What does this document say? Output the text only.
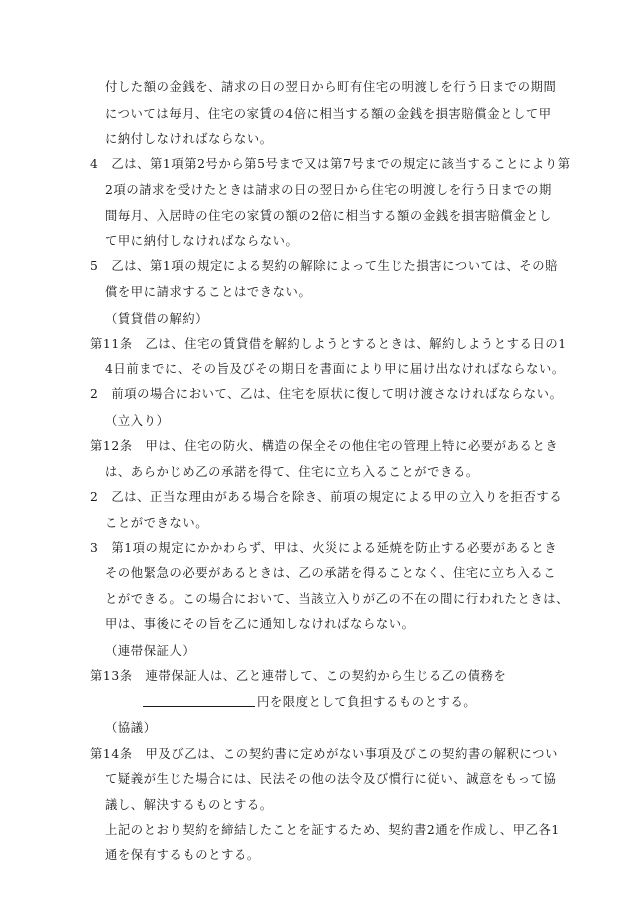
付した額の金銭を、請求の日の翌日から町有住宅の明渡しを行う日までの期間
については毎月、住宅の家賃の4倍に相当する額の金銭を損害賠償金として甲
に納付しなければならない。
4　乙は、第1項第2号から第5号まで又は第7号までの規定に該当することにより第
2項の請求を受けたときは請求の日の翌日から住宅の明渡しを行う日までの期
間毎月、入居時の住宅の家賃の額の2倍に相当する額の金銭を損害賠償金とし
て甲に納付しなければならない。
5　乙は、第1項の規定による契約の解除によって生じた損害については、その賠
償を甲に請求することはできない。
（賃貸借の解約）
第11条　乙は、住宅の賃貸借を解約しようとするときは、解約しようとする日の1
4日前までに、その旨及びその期日を書面により甲に届け出なければならない。
2　前項の場合において、乙は、住宅を原状に復して明け渡さなければならない。
（立入り）
第12条　甲は、住宅の防火、構造の保全その他住宅の管理上特に必要があるとき
は、あらかじめ乙の承諾を得て、住宅に立ち入ることができる。
2　乙は、正当な理由がある場合を除き、前項の規定による甲の立入りを拒否する
ことができない。
3　第1項の規定にかかわらず、甲は、火災による延焼を防止する必要があるとき
その他緊急の必要があるときは、乙の承諾を得ることなく、住宅に立ち入るこ
とができる。この場合において、当該立入りが乙の不在の間に行われたときは、
甲は、事後にその旨を乙に通知しなければならない。
（連帯保証人）
第13条　連帯保証人は、乙と連帯して、この契約から生じる乙の債務を
円を限度として負担するものとする。
（協議）
第14条　甲及び乙は、この契約書に定めがない事項及びこの契約書の解釈につい
て疑義が生じた場合には、民法その他の法令及び慣行に従い、誠意をもって協
議し、解決するものとする。
上記のとおり契約を締結したことを証するため、契約書2通を作成し、甲乙各1
通を保有するものとする。
